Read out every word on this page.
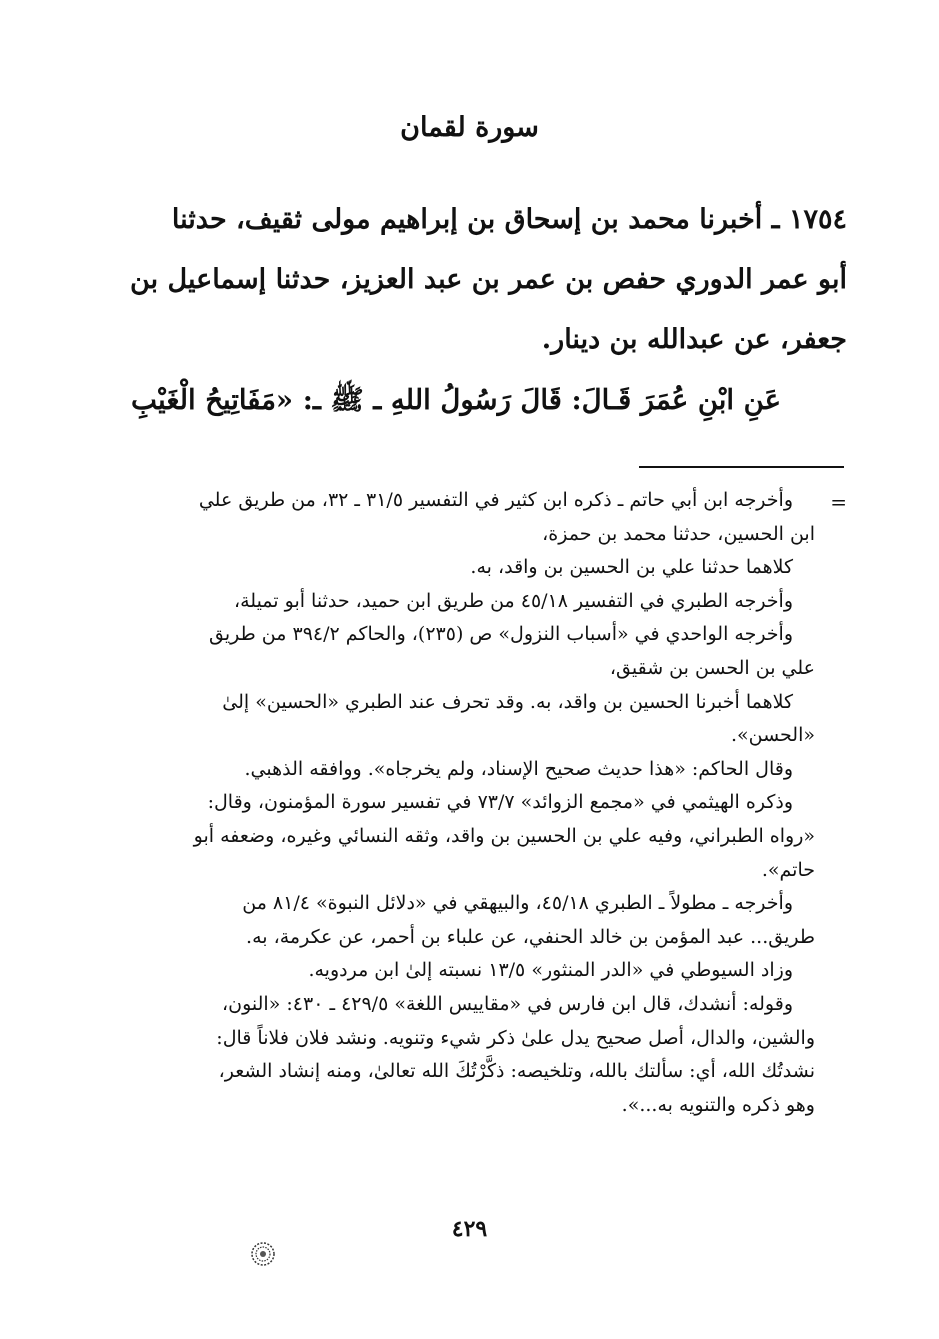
سورة لقمان
١٧٥٤ ـ أخبرنا محمد بن إسحاق بن إبراهيم مولى ثقيف، حدثنا
أبو عمر الدوري حفص بن عمر بن عبد العزيز، حدثنا إسماعيل بن
جعفر، عن عبدالله بن دينار.
عَنِ ابْنِ عُمَرَ قَـالَ: قَالَ رَسُولُ اللهِ ـ ﷺ ـ: «مَفَاتِيحُ الْغَيْبِ
=
وأخرجه ابن أبي حاتم ـ ذكره ابن كثير في التفسير ٣١/٥ ـ ٣٢، من طريق علي
ابن الحسين، حدثنا محمد بن حمزة،
كلاهما حدثنا علي بن الحسين بن واقد، به.
وأخرجه الطبري في التفسير ٤٥/١٨ من طريق ابن حميد، حدثنا أبو تميلة،
وأخرجه الواحدي في «أسباب النزول» ص (٢٣٥)، والحاكم ٣٩٤/٢ من طريق
علي بن الحسن بن شقيق،
كلاهما أخبرنا الحسين بن واقد، به. وقد تحرف عند الطبري «الحسين» إلىٰ
«الحسن».
وقال الحاكم: «هذا حديث صحيح الإسناد، ولم يخرجاه». ووافقه الذهبي.
وذكره الهيثمي في «مجمع الزوائد» ٧٣/٧ في تفسير سورة المؤمنون، وقال:
«رواه الطبراني، وفيه علي بن الحسين بن واقد، وثقه النسائي وغيره، وضعفه أبو
حاتم».
وأخرجه ـ مطولاً ـ الطبري ٤٥/١٨، والبيهقي في «دلائل النبوة» ٨١/٤ من
طريق... عبد المؤمن بن خالد الحنفي، عن علباء بن أحمر، عن عكرمة، به.
وزاد السيوطي في «الدر المنثور» ١٣/٥ نسبته إلىٰ ابن مردويه.
وقوله: أنشدك، قال ابن فارس في «مقاييس اللغة» ٤٢٩/٥ ـ ٤٣٠: «النون،
والشين، والدال، أصل صحيح يدل علىٰ ذكر شيء وتنويه. ونشد فلان فلاناً قال:
نشدتُك الله، أي: سألتك بالله، وتلخيصه: ذكَّرْتُكَ الله تعالىٰ، ومنه إنشاد الشعر،
وهو ذكره والتنويه به...».
٤٢٩
